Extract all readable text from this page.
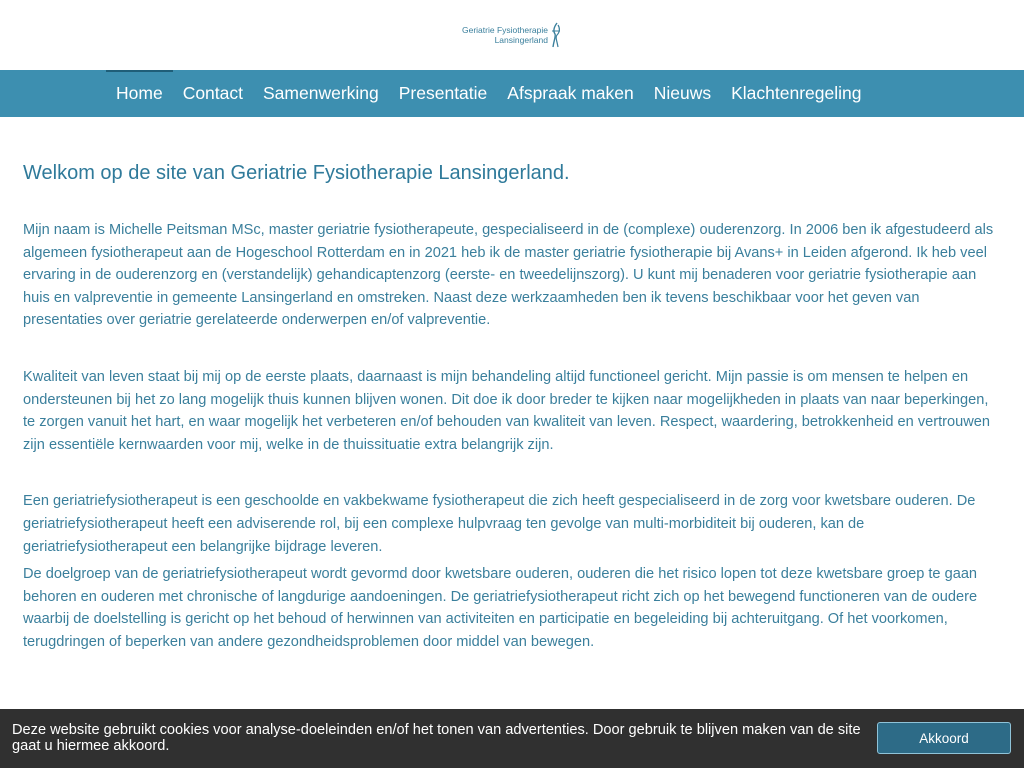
Geriatrie Fysiotherapie
Lansingerland
Home	Contact	Samenwerking	Presentatie	Afspraak maken	Nieuws	Klachtenregeling
Welkom op de site van Geriatrie Fysiotherapie Lansingerland.

Mijn naam is Michelle Peitsman MSc, master geriatrie fysiotherapeute, gespecialiseerd in de (complexe) ouderenzorg. In 2006 ben ik afgestudeerd als algemeen fysiotherapeut aan de Hogeschool Rotterdam en in 2021 heb ik de master geriatrie fysiotherapie bij Avans+ in Leiden afgerond. Ik heb veel ervaring in de ouderenzorg en (verstandelijk) gehandicaptenzorg (eerste- en tweedelijnszorg). U kunt mij benaderen voor geriatrie fysiotherapie aan huis en valpreventie in gemeente Lansingerland en omstreken. Naast deze werkzaamheden ben ik tevens beschikbaar voor het geven van presentaties over geriatrie gerelateerde onderwerpen en/of valpreventie.

Kwaliteit van leven staat bij mij op de eerste plaats, daarnaast is mijn behandeling altijd functioneel gericht. Mijn passie is om mensen te helpen en ondersteunen bij het zo lang mogelijk thuis kunnen blijven wonen. Dit doe ik door breder te kijken naar mogelijkheden in plaats van naar beperkingen, te zorgen vanuit het hart, en waar mogelijk het verbeteren en/of behouden van kwaliteit van leven. Respect, waardering, betrokkenheid en vertrouwen zijn essentiële kernwaarden voor mij, welke in de thuissituatie extra belangrijk zijn.

Een geriatriefysiotherapeut is een geschoolde en vakbekwame fysiotherapeut die zich heeft gespecialiseerd in de zorg voor kwetsbare ouderen. De geriatriefysiotherapeut heeft een adviserende rol, bij een complexe hulpvraag ten gevolge van multi-morbiditeit bij ouderen, kan de geriatriefysiotherapeut een belangrijke bijdrage leveren.

De doelgroep van de geriatriefysiotherapeut wordt gevormd door kwetsbare ouderen, ouderen die het risico lopen tot deze kwetsbare groep te gaan behoren en ouderen met chronische of langdurige aandoeningen. De geriatriefysiotherapeut richt zich op het bewegend functioneren van de oudere waarbij de doelstelling is gericht op het behoud of herwinnen van activiteiten en participatie en begeleiding bij achteruitgang. Of het voorkomen, terugdringen of beperken van andere gezondheidsproblemen door middel van bewegen.

Deze website gebruikt cookies voor analyse-doeleinden en/of het tonen van advertenties. Door gebruik te blijven maken van de site gaat u hiermee akkoord.	Akkoord
